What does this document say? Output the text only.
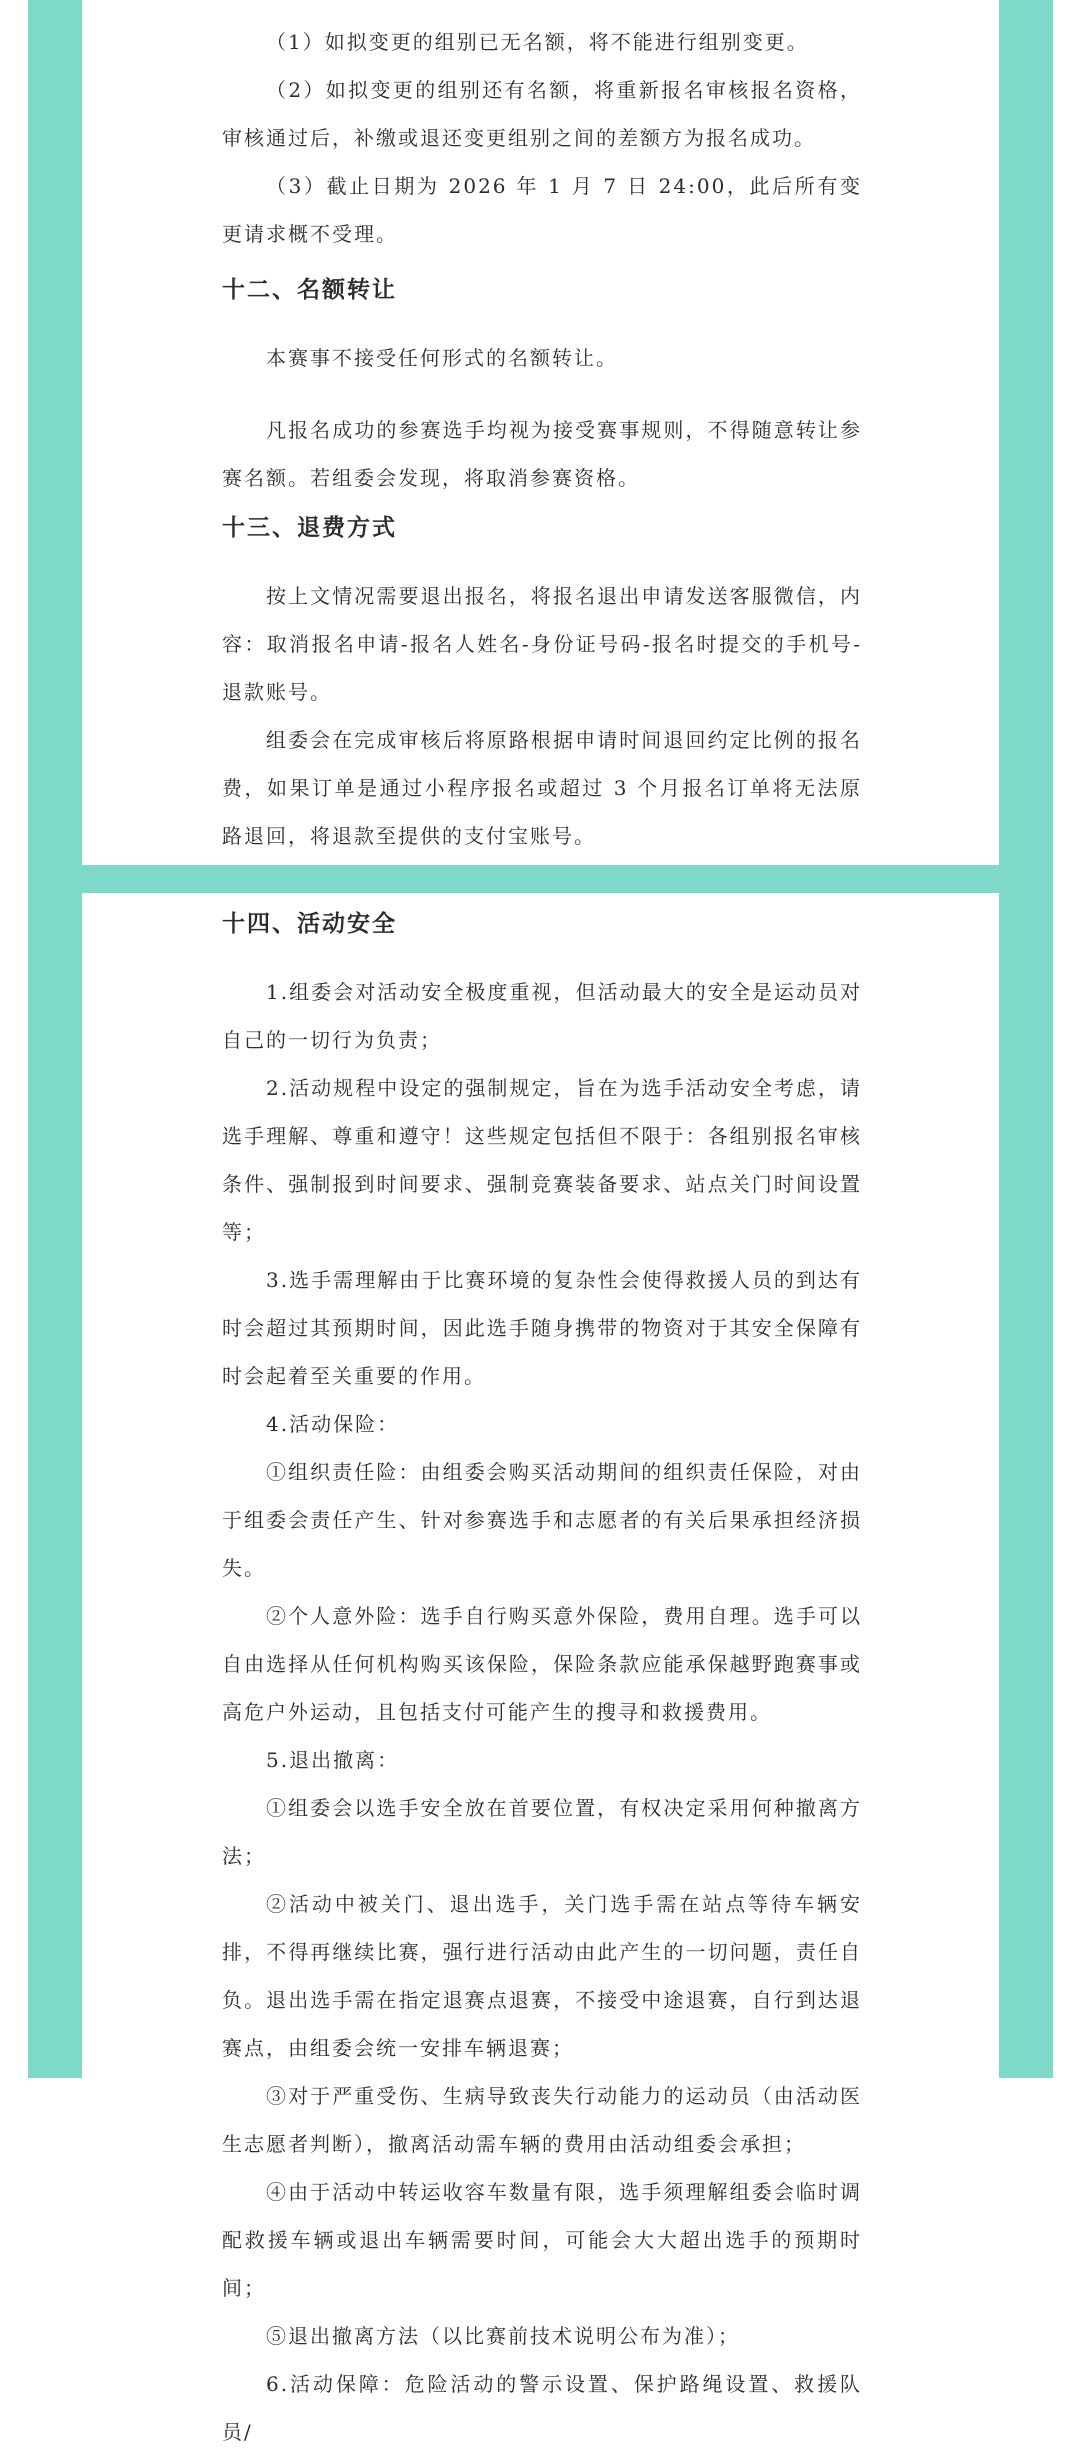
（1）如拟变更的组别已无名额，将不能进行组别变更。

（2）如拟变更的组别还有名额，将重新报名审核报名资格，审核通过后，补缴或退还变更组别之间的差额方为报名成功。

（3）截止日期为 2026 年 1 月 7 日 24:00，此后所有变更请求概不受理。

十二、名额转让

本赛事不接受任何形式的名额转让。

凡报名成功的参赛选手均视为接受赛事规则，不得随意转让参赛名额。若组委会发现，将取消参赛资格。

十三、退费方式

按上文情况需要退出报名，将报名退出申请发送客服微信，内容：取消报名申请-报名人姓名-身份证号码-报名时提交的手机号-退款账号。

组委会在完成审核后将原路根据申请时间退回约定比例的报名费，如果订单是通过小程序报名或超过 3 个月报名订单将无法原路退回，将退款至提供的支付宝账号。

十四、活动安全

1.组委会对活动安全极度重视，但活动最大的安全是运动员对自己的一切行为负责；

2.活动规程中设定的强制规定，旨在为选手活动安全考虑，请选手理解、尊重和遵守！这些规定包括但不限于：各组别报名审核条件、强制报到时间要求、强制竞赛装备要求、站点关门时间设置等；

3.选手需理解由于比赛环境的复杂性会使得救援人员的到达有时会超过其预期时间，因此选手随身携带的物资对于其安全保障有时会起着至关重要的作用。

4.活动保险：

①组织责任险：由组委会购买活动期间的组织责任保险，对由于组委会责任产生、针对参赛选手和志愿者的有关后果承担经济损失。

②个人意外险：选手自行购买意外保险，费用自理。选手可以自由选择从任何机构购买该保险，保险条款应能承保越野跑赛事或高危户外运动，且包括支付可能产生的搜寻和救援费用。

5.退出撤离：

①组委会以选手安全放在首要位置，有权决定采用何种撤离方法；

②活动中被关门、退出选手，关门选手需在站点等待车辆安排，不得再继续比赛，强行进行活动由此产生的一切问题，责任自负。退出选手需在指定退赛点退赛，不接受中途退赛，自行到达退赛点，由组委会统一安排车辆退赛；

③对于严重受伤、生病导致丧失行动能力的运动员（由活动医生志愿者判断），撤离活动需车辆的费用由活动组委会承担；

④由于活动中转运收容车数量有限，选手须理解组委会临时调配救援车辆或退出车辆需要时间，可能会大大超出选手的预期时间；

⑤退出撤离方法（以比赛前技术说明公布为准）；

6.活动保障：危险活动的警示设置、保护路绳设置、救援队员/
